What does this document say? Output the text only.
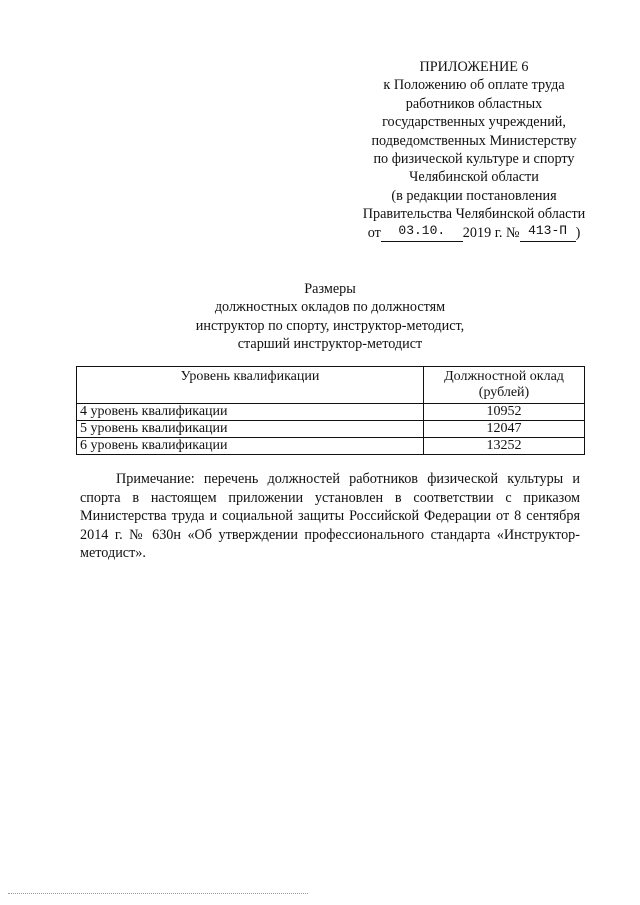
ПРИЛОЖЕНИЕ 6
к Положению об оплате труда
работников областных
государственных учреждений,
подведомственных Министерству
по физической культуре и спорту
Челябинской области
(в редакции постановления
Правительства Челябинской области
от 03.10. 2019 г. № 413-П )
Размеры
должностных окладов по должностям
инструктор по спорту, инструктор-методист,
старший инструктор-методист
Уровень квалификации	Должностной оклад (рублей)
4 уровень квалификации	10952
5 уровень квалификации	12047
6 уровень квалификации	13252
Примечание: перечень должностей работников физической культуры и спорта в настоящем приложении установлен в соответствии с приказом Министерства труда и социальной защиты Российской Федерации от 8 сентября 2014 г. № 630н «Об утверждении профессионального стандарта «Инструктор-методист».
